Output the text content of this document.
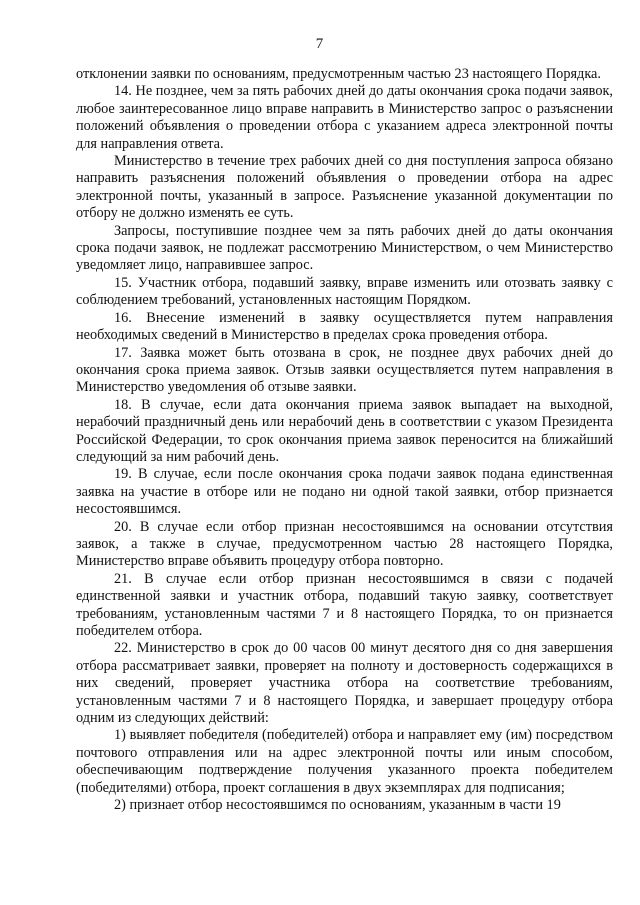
7

отклонении заявки по основаниям, предусмотренным частью 23 настоящего Порядка.

14. Не позднее, чем за пять рабочих дней до даты окончания срока подачи заявок, любое заинтересованное лицо вправе направить в Министерство запрос о разъяснении положений объявления о проведении отбора с указанием адреса электронной почты для направления ответа.

Министерство в течение трех рабочих дней со дня поступления запроса обязано направить разъяснения положений объявления о проведении отбора на адрес электронной почты, указанный в запросе. Разъяснение указанной документации по отбору не должно изменять ее суть.

Запросы, поступившие позднее чем за пять рабочих дней до даты окончания срока подачи заявок, не подлежат рассмотрению Министерством, о чем Министерство уведомляет лицо, направившее запрос.

15. Участник отбора, подавший заявку, вправе изменить или отозвать заявку с соблюдением требований, установленных настоящим Порядком.

16. Внесение изменений в заявку осуществляется путем направления необходимых сведений в Министерство в пределах срока проведения отбора.

17. Заявка может быть отозвана в срок, не позднее двух рабочих дней до окончания срока приема заявок. Отзыв заявки осуществляется путем направления в Министерство уведомления об отзыве заявки.

18. В случае, если дата окончания приема заявок выпадает на выходной, нерабочий праздничный день или нерабочий день в соответствии с указом Президента Российской Федерации, то срок окончания приема заявок переносится на ближайший следующий за ним рабочий день.

19. В случае, если после окончания срока подачи заявок подана единственная заявка на участие в отборе или не подано ни одной такой заявки, отбор признается несостоявшимся.

20. В случае если отбор признан несостоявшимся на основании отсутствия заявок, а также в случае, предусмотренном частью 28 настоящего Порядка, Министерство вправе объявить процедуру отбора повторно.

21. В случае если отбор признан несостоявшимся в связи с подачей единственной заявки и участник отбора, подавший такую заявку, соответствует требованиям, установленным частями 7 и 8 настоящего Порядка, то он признается победителем отбора.

22. Министерство в срок до 00 часов 00 минут десятого дня со дня завершения отбора рассматривает заявки, проверяет на полноту и достоверность содержащихся в них сведений, проверяет участника отбора на соответствие требованиям, установленным частями 7 и 8 настоящего Порядка, и завершает процедуру отбора одним из следующих действий:

1) выявляет победителя (победителей) отбора и направляет ему (им) посредством почтового отправления или на адрес электронной почты или иным способом, обеспечивающим подтверждение получения указанного проекта победителем (победителями) отбора, проект соглашения в двух экземплярах для подписания;

2) признает отбор несостоявшимся по основаниям, указанным в части 19
